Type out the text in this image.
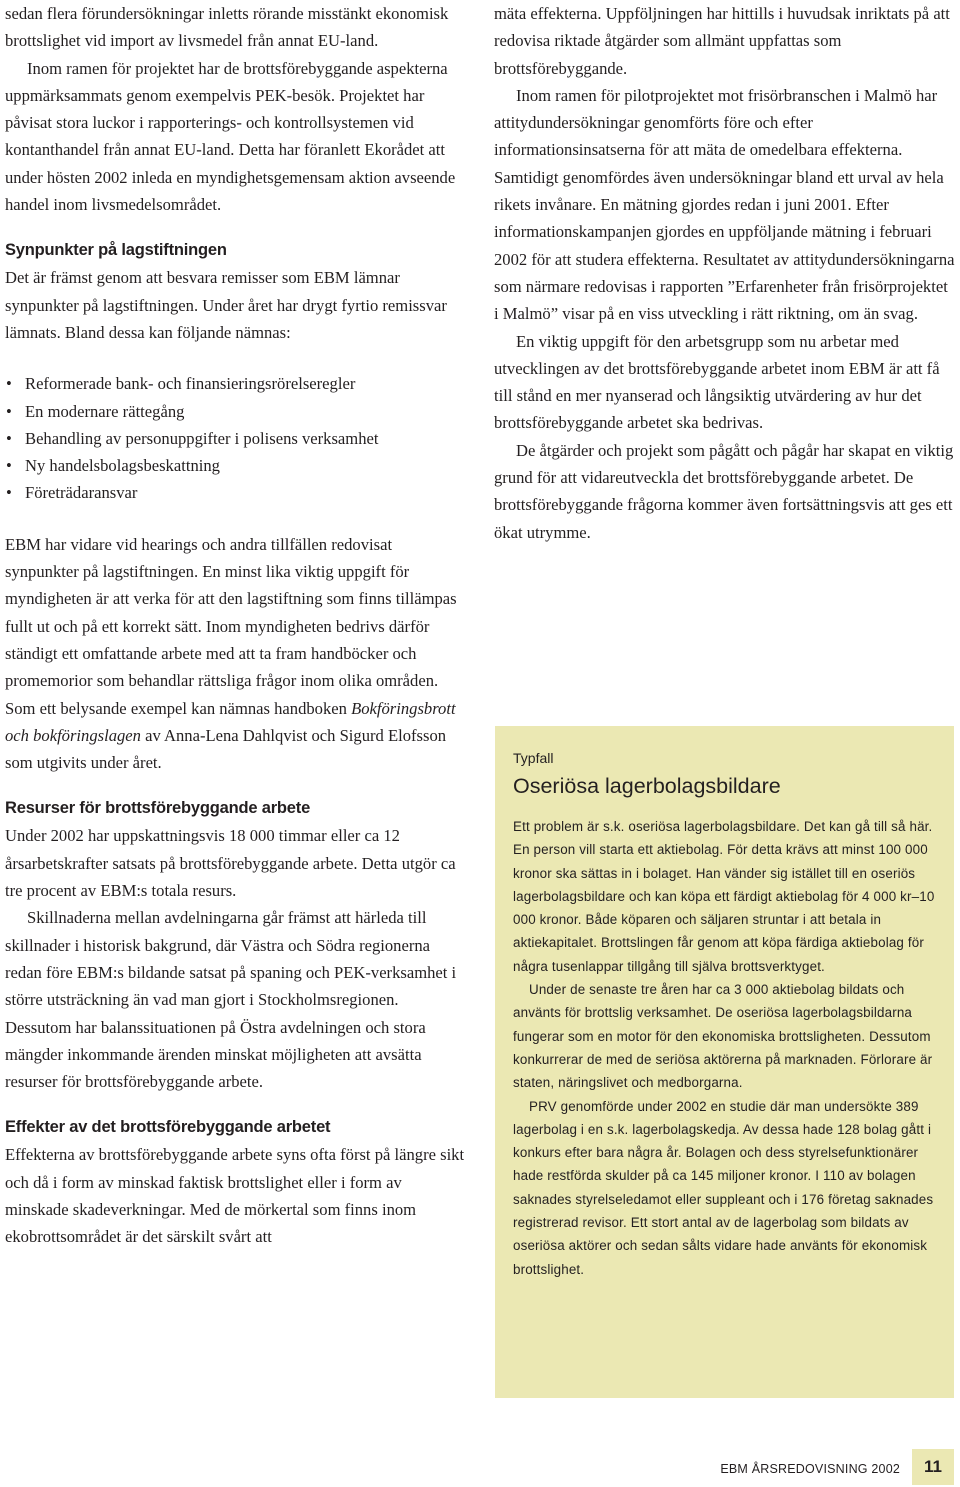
sedan flera förundersökningar inletts rörande misstänkt ekonomisk brottslighet vid import av livsmedel från annat EU-land.

Inom ramen för projektet har de brottsförebyggande aspekterna uppmärksammats genom exempelvis PEK-besök. Projektet har påvisat stora luckor i rapporterings- och kontrollsystemen vid kontanthandel från annat EU-land. Detta har föranlett Ekorådet att under hösten 2002 inleda en myndighetsgemensam aktion avseende handel inom livsmedelsområdet.

Synpunkter på lagstiftningen

Det är främst genom att besvara remisser som EBM lämnar synpunkter på lagstiftningen. Under året har drygt fyrtio remissvar lämnats. Bland dessa kan följande nämnas:

• Reformerade bank- och finansieringsrörelseregler
• En modernare rättegång
• Behandling av personuppgifter i polisens verksamhet
• Ny handelsbolagsbeskattning
• Företrädaransvar

EBM har vidare vid hearings och andra tillfällen redovisat synpunkter på lagstiftningen. En minst lika viktig uppgift för myndigheten är att verka för att den lagstiftning som finns tillämpas fullt ut och på ett korrekt sätt. Inom myndigheten bedrivs därför ständigt ett omfattande arbete med att ta fram handböcker och promemorior som behandlar rättsliga frågor inom olika områden. Som ett belysande exempel kan nämnas handboken Bokföringsbrott och bokföringslagen av Anna-Lena Dahlqvist och Sigurd Elofsson som utgivits under året.

Resurser för brottsförebyggande arbete

Under 2002 har uppskattningsvis 18 000 timmar eller ca 12 årsarbetskrafter satsats på brottsförebyggande arbete. Detta utgör ca tre procent av EBM:s totala resurs.

Skillnaderna mellan avdelningarna går främst att härleda till skillnader i historisk bakgrund, där Västra och Södra regionerna redan före EBM:s bildande satsat på spaning och PEK-verksamhet i större utsträckning än vad man gjort i Stockholmsregionen. Dessutom har balanssituationen på Östra avdelningen och stora mängder inkommande ärenden minskat möjligheten att avsätta resurser för brottsförebyggande arbete.

Effekter av det brottsförebyggande arbetet

Effekterna av brottsförebyggande arbete syns ofta först på längre sikt och då i form av minskad faktisk brottslighet eller i form av minskade skadeverkningar. Med de mörkertal som finns inom ekobrottsområdet är det särskilt svårt att

mäta effekterna. Uppföljningen har hittills i huvudsak inriktats på att redovisa riktade åtgärder som allmänt uppfattas som brottsförebyggande.

Inom ramen för pilotprojektet mot frisörbranschen i Malmö har attitydundersökningar genomförts före och efter informationsinsatserna för att mäta de omedelbara effekterna. Samtidigt genomfördes även undersökningar bland ett urval av hela rikets invånare. En mätning gjordes redan i juni 2001. Efter informationskampanjen gjordes en uppföljande mätning i februari 2002 för att studera effekterna. Resultatet av attitydundersökningarna som närmare redovisas i rapporten ”Erfarenheter från frisörprojektet i Malmö” visar på en viss utveckling i rätt riktning, om än svag.

En viktig uppgift för den arbetsgrupp som nu arbetar med utvecklingen av det brottsförebyggande arbetet inom EBM är att få till stånd en mer nyanserad och långsiktig utvärdering av hur det brottsförebyggande arbetet ska bedrivas.

De åtgärder och projekt som pågått och pågår har skapat en viktig grund för att vidareutveckla det brottsförebyggande arbetet. De brottsförebyggande frågorna kommer även fortsättningsvis att ges ett ökat utrymme.

Typfall

Oseriösa lagerbolagsbildare

Ett problem är s.k. oseriösa lagerbolagsbildare. Det kan gå till så här. En person vill starta ett aktiebolag. För detta krävs att minst 100 000 kronor ska sättas in i bolaget. Han vänder sig istället till en oseriös lagerbolagsbildare och kan köpa ett färdigt aktiebolag för 4 000 kr–10 000 kronor. Både köparen och säljaren struntar i att betala in aktiekapitalet. Brottslingen får genom att köpa färdiga aktiebolag för några tusenlappar tillgång till själva brottsverktyget.

Under de senaste tre åren har ca 3 000 aktiebolag bildats och använts för brottslig verksamhet. De oseriösa lagerbolagsbildarna fungerar som en motor för den ekonomiska brottsligheten. Dessutom konkurrerar de med de seriösa aktörerna på marknaden. Förlorare är staten, näringslivet och medborgarna.

PRV genomförde under 2002 en studie där man undersökte 389 lagerbolag i en s.k. lagerbolagskedja. Av dessa hade 128 bolag gått i konkurs efter bara några år. Bolagen och dess styrelsefunktionärer hade restförda skulder på ca 145 miljoner kronor. I 110 av bolagen saknades styrelseledamot eller suppleant och i 176 företag saknades registrerad revisor. Ett stort antal av de lagerbolag som bildats av oseriösa aktörer och sedan sålts vidare hade använts för ekonomisk brottslighet.

EBM ÅRSREDOVISNING 2002	11
